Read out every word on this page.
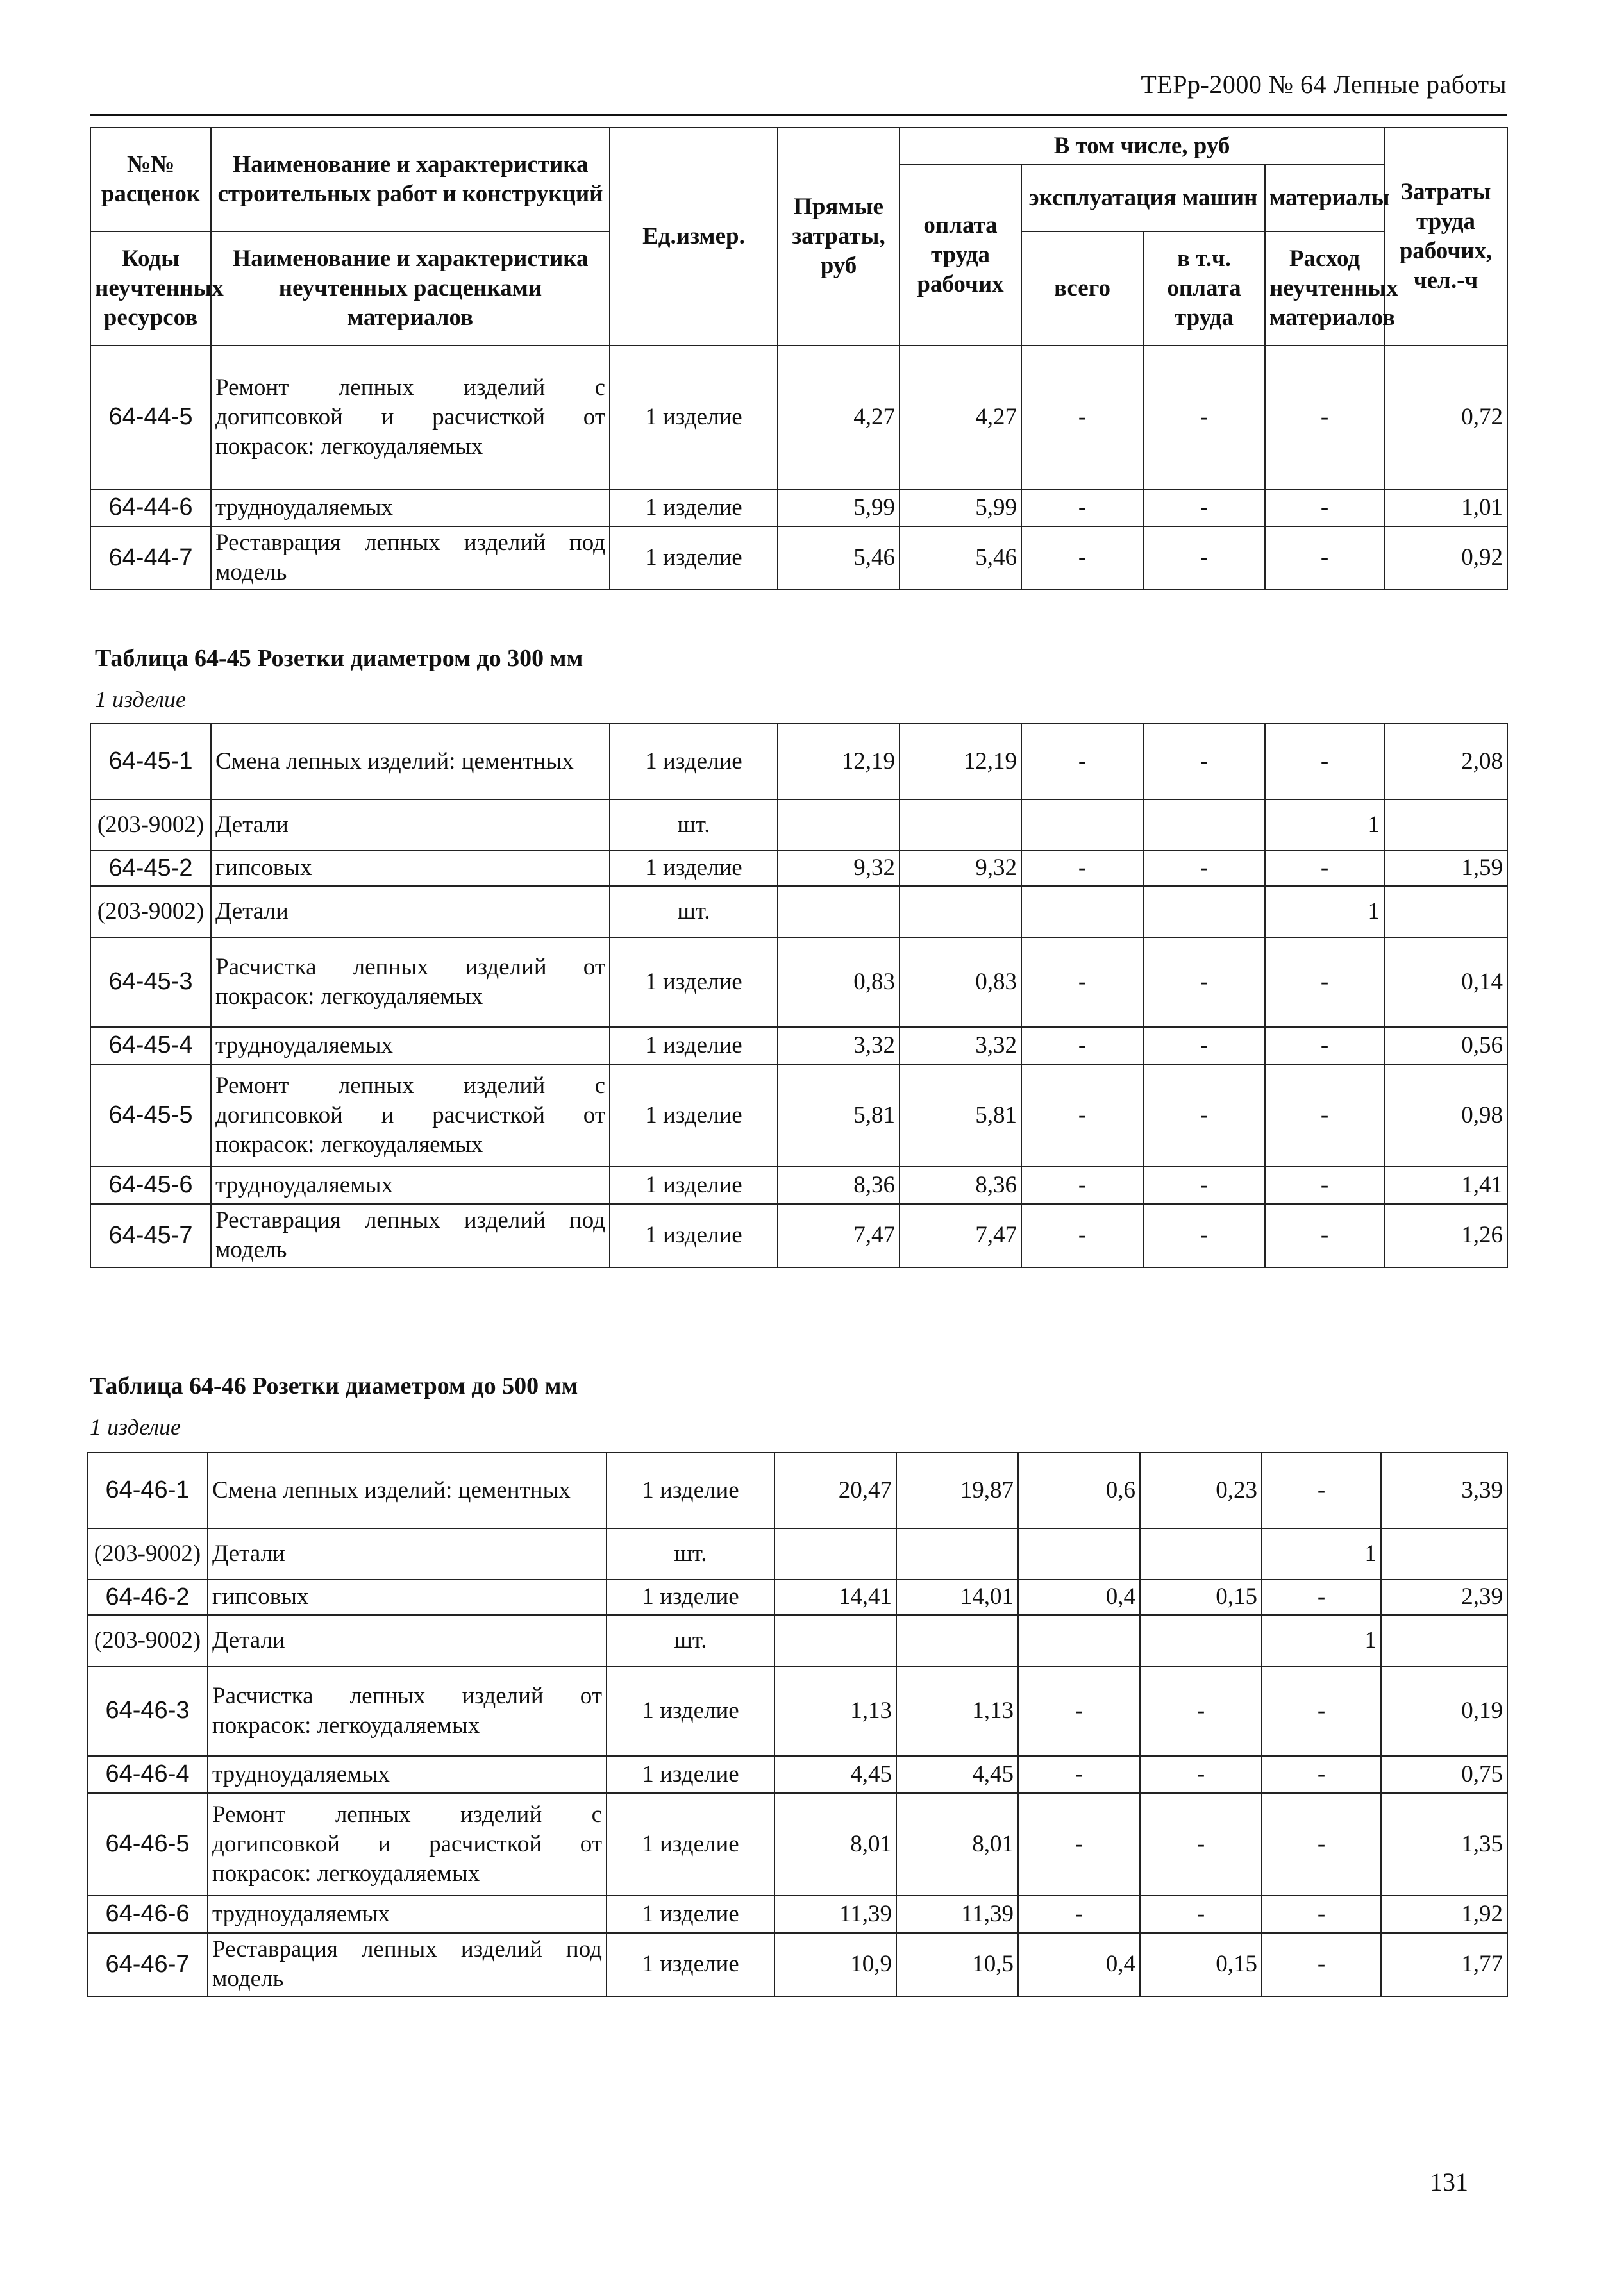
ТЕРр-2000 № 64 Лепные работы
№№ расценок	Наименование и характеристика строительных работ и конструкций	Ед.измер.	Прямые затраты, руб	В том числе, руб				Затраты труда рабочих, чел.-ч
				оплата труда рабочих	эксплуатация машин		материалы	

Коды неучтенных ресурсов	Наименование и характеристика неучтенных расценками материалов				всего	в т.ч. оплата труда	Расход неучтенных материалов	

64-44-5	Ремонт лепных изделий с догипсовкой и расчисткой от покрасок: легкоудаляемых	1 изделие	4,27	4,27	-	-	-	0,72
64-44-6	трудноудаляемых	1 изделие	5,99	5,99	-	-	-	1,01
64-44-7	Реставрация лепных изделий под модель	1 изделие	5,46	5,46	-	-	-	0,92
Таблица 64-45 Розетки диаметром до 300 мм
1 изделие
64-45-1	Смена лепных изделий: цементных	1 изделие	12,19	12,19	-	-	-	2,08
(203-9002)	Детали	шт.					1	
64-45-2	гипсовых	1 изделие	9,32	9,32	-	-	-	1,59
(203-9002)	Детали	шт.					1	
64-45-3	Расчистка лепных изделий от покрасок: легкоудаляемых	1 изделие	0,83	0,83	-	-	-	0,14
64-45-4	трудноудаляемых	1 изделие	3,32	3,32	-	-	-	0,56
64-45-5	Ремонт лепных изделий с догипсовкой и расчисткой от покрасок: легкоудаляемых	1 изделие	5,81	5,81	-	-	-	0,98
64-45-6	трудноудаляемых	1 изделие	8,36	8,36	-	-	-	1,41
64-45-7	Реставрация лепных изделий под модель	1 изделие	7,47	7,47	-	-	-	1,26
Таблица 64-46 Розетки диаметром до 500 мм
1 изделие
64-46-1	Смена лепных изделий: цементных	1 изделие	20,47	19,87	0,6	0,23	-	3,39
(203-9002)	Детали	шт.					1	
64-46-2	гипсовых	1 изделие	14,41	14,01	0,4	0,15	-	2,39
(203-9002)	Детали	шт.					1	
64-46-3	Расчистка лепных изделий от покрасок: легкоудаляемых	1 изделие	1,13	1,13	-	-	-	0,19
64-46-4	трудноудаляемых	1 изделие	4,45	4,45	-	-	-	0,75
64-46-5	Ремонт лепных изделий с догипсовкой и расчисткой от покрасок: легкоудаляемых	1 изделие	8,01	8,01	-	-	-	1,35
64-46-6	трудноудаляемых	1 изделие	11,39	11,39	-	-	-	1,92
64-46-7	Реставрация лепных изделий под модель	1 изделие	10,9	10,5	0,4	0,15	-	1,77
131
